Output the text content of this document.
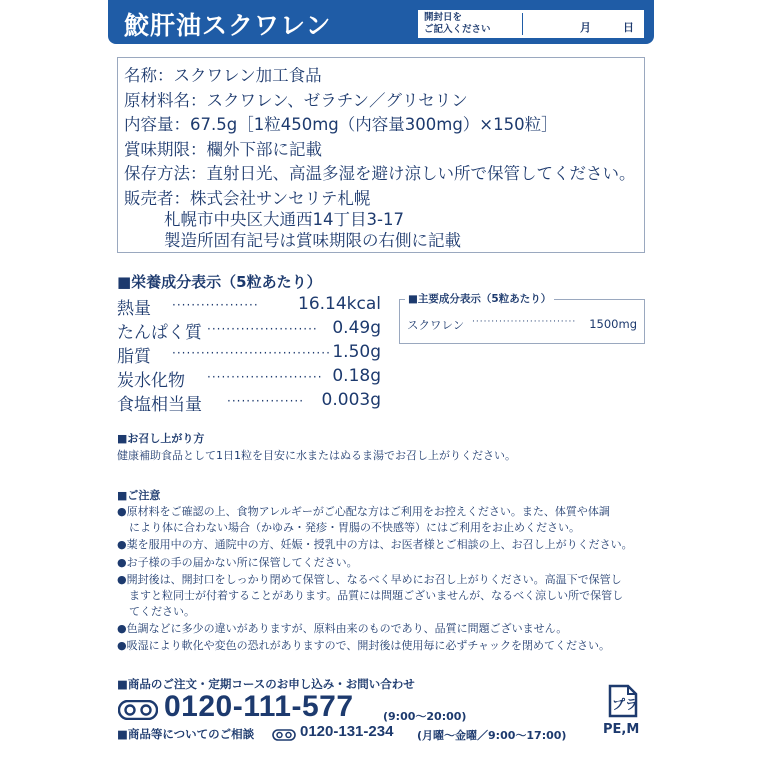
鮫肝油スクワレン	開封日を
ご記入ください	月	日
名称：スクワレン加工食品
原材料名：スクワレン、ゼラチン／グリセリン
内容量：67.5g［1粒450mg（内容量300mg）×150粒］
賞味期限：欄外下部に記載
保存方法：直射日光、高温多湿を避け涼しい所で保管してください。
販売者：株式会社サンセリテ札幌
札幌市中央区大通西14丁目3-17
製造所固有記号は賞味期限の右側に記載
■栄養成分表示（5粒あたり）
熱量 ·················· 16.14kcal
たんぱく質 ······················· 0.49g
脂質 ································· 1.50g
炭水化物 ························ 0.18g
食塩相当量 ················ 0.003g
■主要成分表示（5粒あたり）
スクワレン ··························· 1500mg
■お召し上がり方
健康補助食品として1日1粒を目安に水またはぬるま湯でお召し上がりください。
■ご注意
●原材料をご確認の上、食物アレルギーがご心配な方はご利用をお控えください。また、体質や体調
により体に合わない場合（かゆみ・発疹・胃腸の不快感等）にはご利用をお止めください。
●薬を服用中の方、通院中の方、妊娠・授乳中の方は、お医者様とご相談の上、お召し上がりください。
●お子様の手の届かない所に保管してください。
●開封後は、開封口をしっかり閉めて保管し、なるべく早めにお召し上がりください。高温下で保管し
ますと粒同士が付着することがあります。品質には問題ございませんが、なるべく涼しい所で保管し
てください。
●色調などに多少の違いがありますが、原料由来のものであり、品質に問題ございません。
●吸湿により軟化や変色の恐れがありますので、開封後は使用毎に必ずチャックを閉めてください。
■商品のご注文・定期コースのお申し込み・お問い合わせ
0120-111-577	(9:00〜20:00)
■商品等についてのご相談	0120-131-234 (月曜〜金曜／9:00〜17:00)
プラ
PE,M
